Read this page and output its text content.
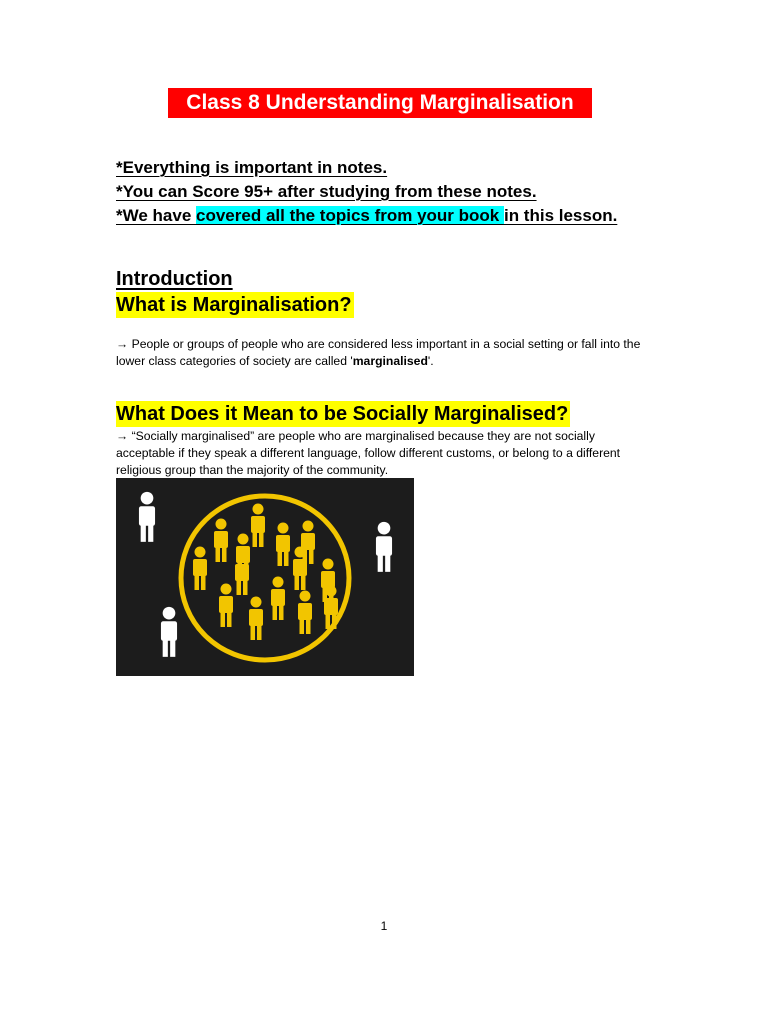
Class 8 Understanding Marginalisation
*Everything is important in notes.
*You can Score 95+ after studying from these notes.
*We have covered all the topics from your book in this lesson.
Introduction
What is Marginalisation?
→ People or groups of people who are considered less important in a social setting or fall into the lower class categories of society are called 'marginalised'.
What Does it Mean to be Socially Marginalised?
→ “Socially marginalised” are people who are marginalised because they are not socially acceptable if they speak a different language, follow different customs, or belong to a different religious group than the majority of the community.
1
